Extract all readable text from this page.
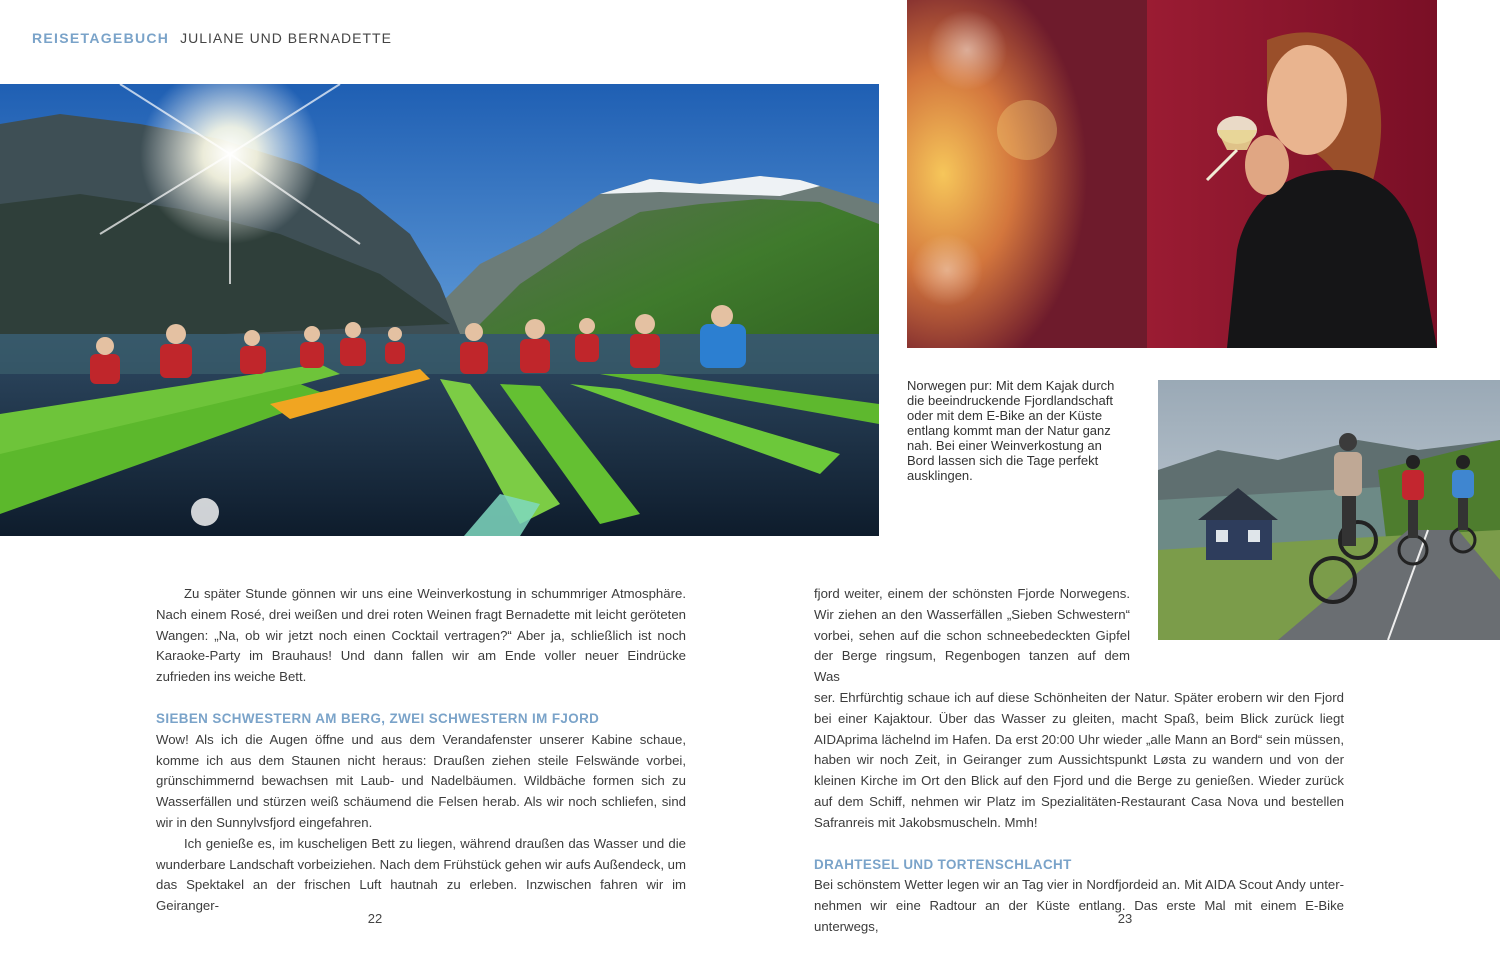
REISETAGEBUCH JULIANE UND BERNADETTE
Norwegen pur: Mit dem Kajak durch die beeindruckende Fjordlandschaft oder mit dem E-Bike an der Küste entlang kommt man der Natur ganz nah. Bei einer Weinverkostung an Bord lassen sich die Tage perfekt ausklingen.

Zu später Stunde gönnen wir uns eine Weinverkostung in schummriger Atmosphäre. Nach einem Rosé, drei weißen und drei roten Weinen fragt Bernadette mit leicht geröteten Wangen: „Na, ob wir jetzt noch einen Cocktail vertragen?“ Aber ja, schließlich ist noch Karaoke-Party im Brauhaus! Und dann fallen wir am Ende voller neuer Eindrücke zufrieden ins weiche Bett.

SIEBEN SCHWESTERN AM BERG, ZWEI SCHWESTERN IM FJORD

Wow! Als ich die Augen öffne und aus dem Verandafenster unserer Kabine schaue, komme ich aus dem Staunen nicht heraus: Draußen ziehen steile Felswände vorbei, grünschimmernd bewachsen mit Laub- und Nadelbäumen. Wildbäche formen sich zu Wasserfällen und stürzen weiß schäumend die Felsen herab. Als wir noch schliefen, sind wir in den Sunnylvsfjord eingefahren.

Ich genieße es, im kuscheligen Bett zu liegen, während draußen das Wasser und die wunderbare Landschaft vorbeiziehen. Nach dem Frühstück gehen wir aufs Außendeck, um das Spektakel an der frischen Luft hautnah zu erleben. Inzwischen fahren wir im Geiranger-

fjord weiter, einem der schönsten Fjorde Norwegens. Wir ziehen an den Wasserfällen „Sieben Schwestern“ vorbei, sehen auf die schon schneebedeckten Gipfel der Berge ringsum, Regenbogen tanzen auf dem Was

ser. Ehrfürchtig schaue ich auf diese Schönheiten der Natur. Später erobern wir den Fjord bei einer Kajaktour. Über das Wasser zu gleiten, macht Spaß, beim Blick zurück liegt AIDAprima lächelnd im Hafen. Da erst 20:00 Uhr wieder „alle Mann an Bord“ sein müssen, haben wir noch Zeit, in Geiranger zum Aussichtspunkt Løsta zu wandern und von der kleinen Kirche im Ort den Blick auf den Fjord und die Berge zu genießen. Wieder zurück auf dem Schiff, nehmen wir Platz im Spezialitäten-Restaurant Casa Nova und bestellen Safranreis mit Jakobsmuscheln. Mmh!

DRAHTESEL UND TORTENSCHLACHT

Bei schönstem Wetter legen wir an Tag vier in Nordfjordeid an. Mit AIDA Scout Andy unternehmen wir eine Radtour an der Küste entlang. Das erste Mal mit einem E-Bike unterwegs,

22	23
